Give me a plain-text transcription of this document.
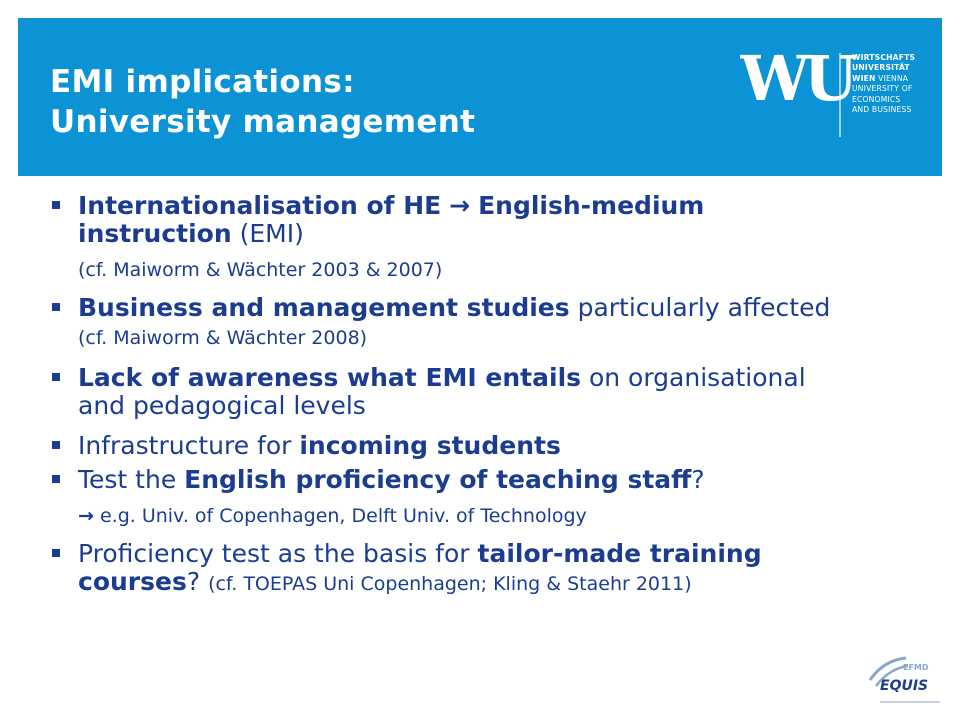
EMI implications:
University management
WU WIRTSCHAFTS
UNIVERSITÄT
WIEN VIENNA
UNIVERSITY OF
ECONOMICS
AND BUSINESS
Internationalisation of HE → English-medium instruction (EMI)
(cf. Maiworm & Wächter 2003 & 2007)
Business and management studies particularly affected (cf. Maiworm & Wächter 2008)
Lack of awareness what EMI entails on organisational and pedagogical levels
Infrastructure for incoming students
Test the English proficiency of teaching staff?
→ e.g. Univ. of Copenhagen, Delft Univ. of Technology
Proficiency test as the basis for tailor-made training courses? (cf. TOEPAS Uni Copenhagen; Kling & Staehr 2011)
EFMD
EQUIS
